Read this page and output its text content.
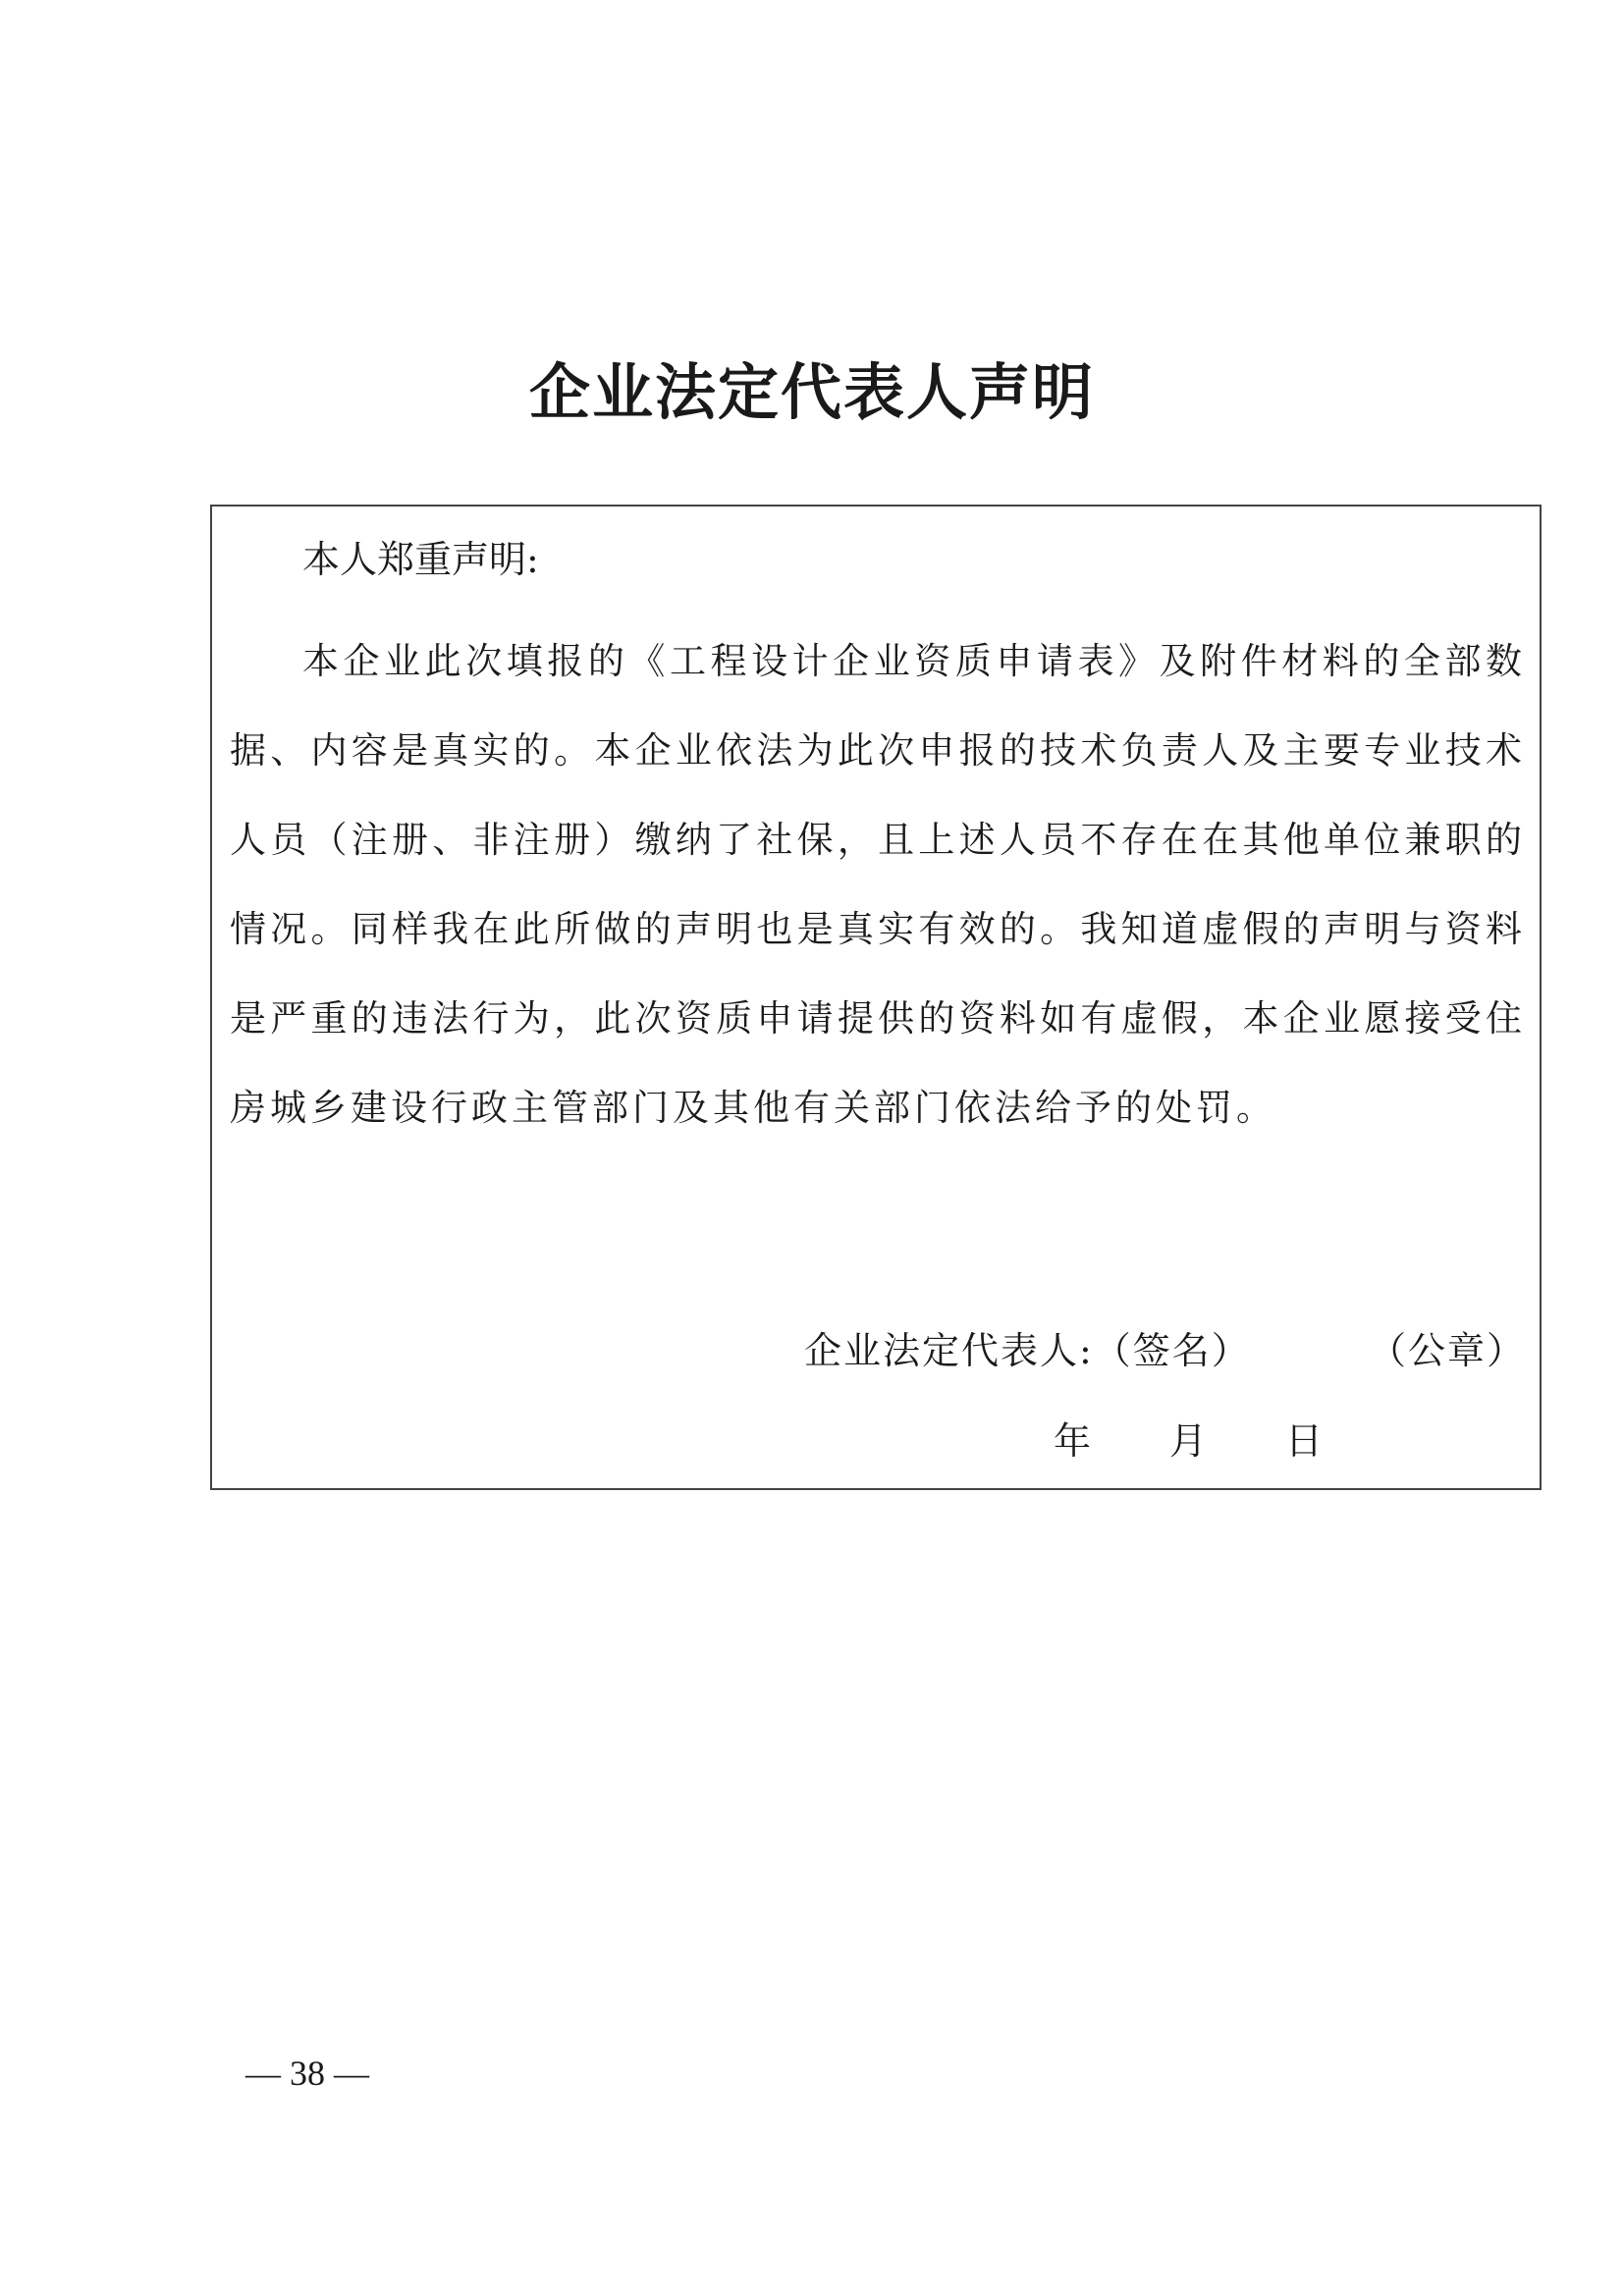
企业法定代表人声明
本人郑重声明:
本企业此次填报的《工程设计企业资质申请表》及附件材料的全部数据、内容是真实的。本企业依法为此次申报的技术负责人及主要专业技术人员（注册、非注册）缴纳了社保，且上述人员不存在在其他单位兼职的情况。同样我在此所做的声明也是真实有效的。我知道虚假的声明与资料是严重的违法行为，此次资质申请提供的资料如有虚假，本企业愿接受住房城乡建设行政主管部门及其他有关部门依法给予的处罚。
企业法定代表人:（签名）	（公章）
年 月 日
— 38 —
